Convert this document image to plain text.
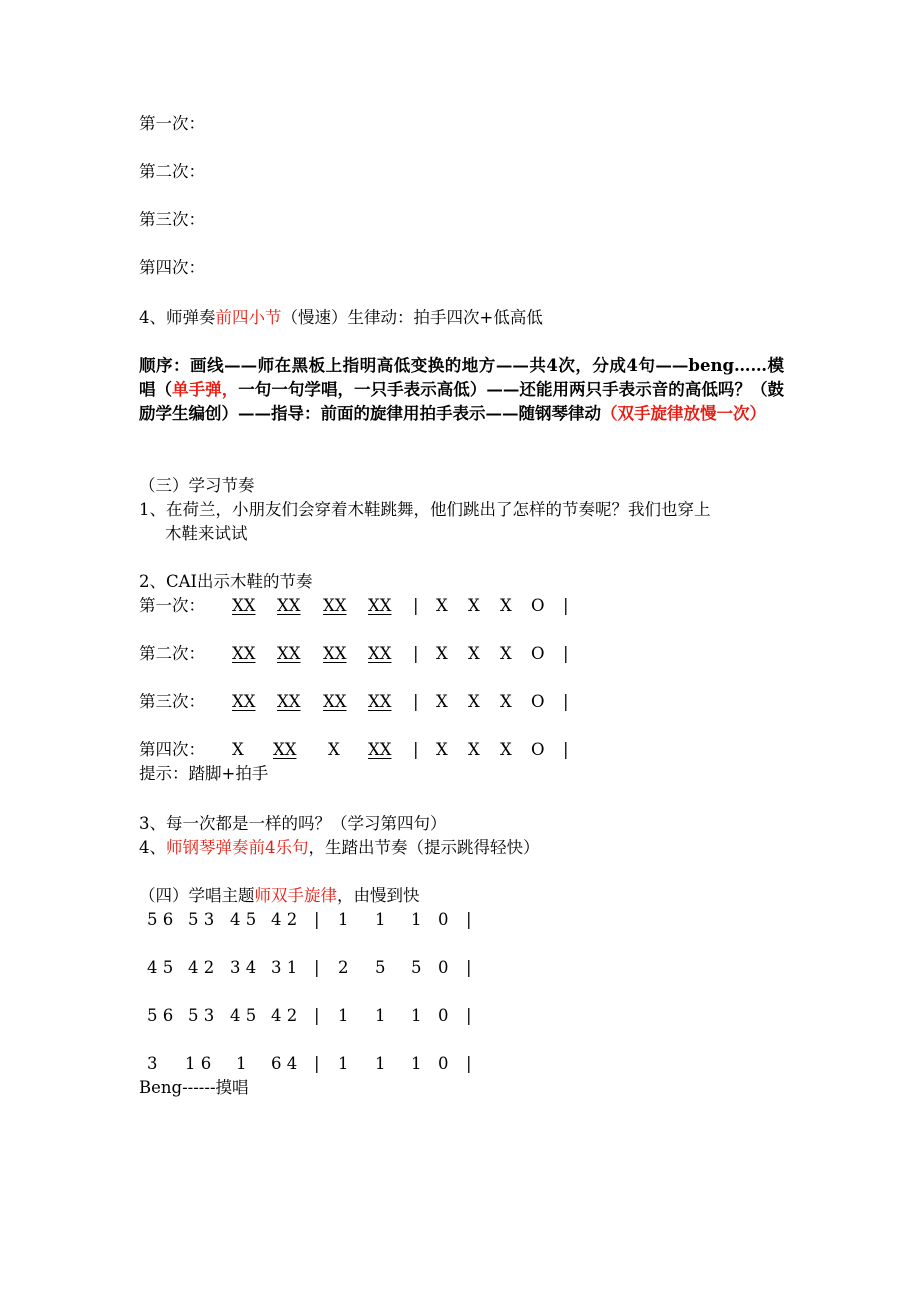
第一次：
第二次：
第三次：
第四次：
4、师弹奏前四小节（慢速）生律动：拍手四次+低高低
顺序：画线——师在黑板上指明高低变换的地方——共4次，分成4句——beng……模唱（单手弹，一句一句学唱，一只手表示高低）——还能用两只手表示音的高低吗？（鼓励学生编创）——指导：前面的旋律用拍手表示——随钢琴律动（双手旋律放慢一次）
（三）学习节奏
1、在荷兰，小朋友们会穿着木鞋跳舞，他们跳出了怎样的节奏呢？我们也穿上
木鞋来试试
2、CAI出示木鞋的节奏
第一次： XX XX XX XX | X X X O |
第二次： XX XX XX XX | X X X O |
第三次： XX XX XX XX | X X X O |
第四次： X XX X XX | X X X O |
提示：踏脚+拍手
3、每一次都是一样的吗？（学习第四句）
4、师钢琴弹奏前4乐句，生踏出节奏（提示跳得轻快）
（四）学唱主题师双手旋律，由慢到快
5 6 5 3 4 5 4 2 | 1 1 1 0 |
4 5 4 2 3 4 3 1 | 2 5 5 0 |
5 6 5 3 4 5 4 2 | 1 1 1 0 |
3 1 6 1 6 4 | 1 1 1 0 |
Beng------摸唱
